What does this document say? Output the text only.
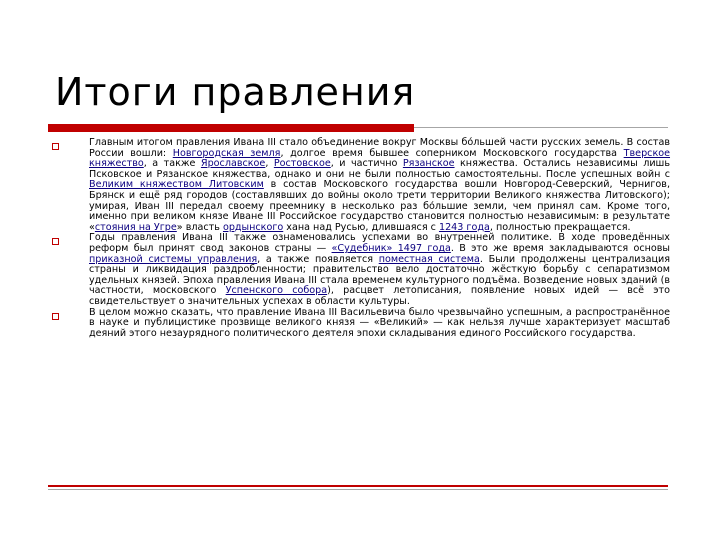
Итоги правления
Главным итогом правления Ивана III стало объединение вокруг Москвы бо́льшей части русских земель. В состав России вошли: Новгородская земля, долгое время бывшее соперником Московского государства Тверское княжество, а также Ярославское, Ростовское, и частично Рязанское княжества. Остались независимы лишь Псковское и Рязанское княжества, однако и они не были полностью самостоятельны. После успешных войн с Великим княжеством Литовским в состав Московского государства вошли Новгород-Северский, Чернигов, Брянск и ещё ряд городов (составлявших до войны около трети территории Великого княжества Литовского); умирая, Иван III передал своему преемнику в несколько раз бо́льшие земли, чем принял сам. Кроме того, именно при великом князе Иване III Российское государство становится полностью независимым: в результате «стояния на Угре» власть ордынского хана над Русью, длившаяся с 1243 года, полностью прекращается.
Годы правления Ивана III также ознаменовались успехами во внутренней политике. В ходе проведённых реформ был принят свод законов страны — «Судебник» 1497 года. В это же время закладываются основы приказной системы управления, а также появляется поместная система. Были продолжены централизация страны и ликвидация раздробленности; правительство вело достаточно жёсткую борьбу с сепаратизмом удельных князей. Эпоха правления Ивана III стала временем культурного подъёма. Возведение новых зданий (в частности, московского Успенского собора), расцвет летописания, появление новых идей — всё это свидетельствует о значительных успехах в области культуры.
В целом можно сказать, что правление Ивана III Васильевича было чрезвычайно успешным, а распространённое в науке и публицистике прозвище великого князя — «Великий» — как нельзя лучше характеризует масштаб деяний этого незаурядного политического деятеля эпохи складывания единого Российского государства.
